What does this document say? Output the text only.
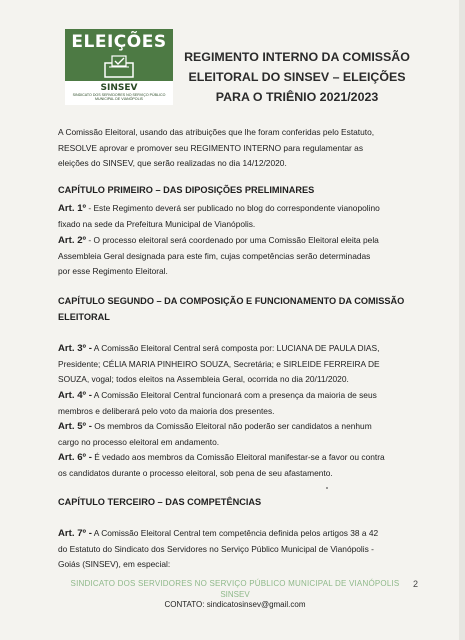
ELEIÇÕES
SINSEV
SINDICATO DOS SERVIDORES NO SERVIÇO PÚBLICO MUNICIPAL DE VIANÓPOLIS
REGIMENTO INTERNO DA COMISSÃO
ELEITORAL DO SINSEV – ELEIÇÕES
PARA O TRIÊNIO 2021/2023
A Comissão Eleitoral, usando das atribuições que lhe foram conferidas pelo Estatuto,
RESOLVE aprovar e promover seu REGIMENTO INTERNO para regulamentar as
eleições do SINSEV, que serão realizadas no dia 14/12/2020.
CAPÍTULO PRIMEIRO – DAS DIPOSIÇÕES PRELIMINARES
Art. 1º - Este Regimento deverá ser publicado no blog do correspondente vianopolino
fixado na sede da Prefeitura Municipal de Vianópolis.
Art. 2º - O processo eleitoral será coordenado por uma Comissão Eleitoral eleita pela
Assembleia Geral designada para este fim, cujas competências serão determinadas
por esse Regimento Eleitoral.
CAPÍTULO SEGUNDO – DA COMPOSIÇÃO E FUNCIONAMENTO DA COMISSÃO
ELEITORAL
Art. 3º - A Comissão Eleitoral Central será composta por: LUCIANA DE PAULA DIAS,
Presidente; CÉLIA MARIA PINHEIRO SOUZA, Secretária; e SIRLEIDE FERREIRA DE
SOUZA, vogal; todos eleitos na Assembleia Geral, ocorrida no dia 20/11/2020.
Art. 4º - A Comissão Eleitoral Central funcionará com a presença da maioria de seus
membros e deliberará pelo voto da maioria dos presentes.
Art. 5º - Os membros da Comissão Eleitoral não poderão ser candidatos a nenhum
cargo no processo eleitoral em andamento.
Art. 6º - É vedado aos membros da Comissão Eleitoral manifestar-se a favor ou contra
os candidatos durante o processo eleitoral, sob pena de seu afastamento.
CAPÍTULO TERCEIRO – DAS COMPETÊNCIAS
Art. 7º - A Comissão Eleitoral Central tem competência definida pelos artigos 38 a 42
do Estatuto do Sindicato dos Servidores no Serviço Público Municipal de Vianópolis -
Goiás (SINSEV), em especial:
SINDICATO DOS SERVIDORES NO SERVIÇO PÚBLICO MUNICIPAL DE VIANÓPOLIS	2
SINSEV
CONTATO: sindicatosinsev@gmail.com
